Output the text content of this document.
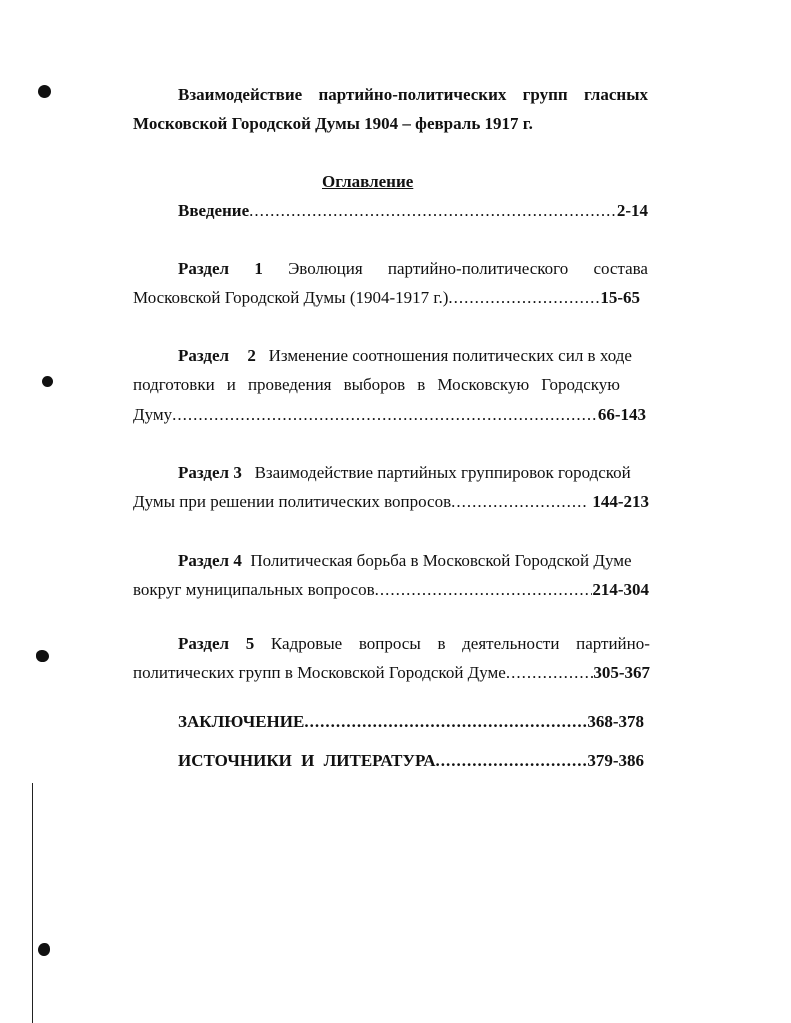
Взаимодействие партийно-политических групп гласных
Московской Городской Думы 1904 – февраль 1917 г.
Оглавление
Введение .....	2-14
Раздел 1 Эволюция партийно-политического состава
Московской Городской Думы (1904-1917 г.) .....	15-65
Раздел 2 Изменение соотношения политических сил в ходе
подготовки и проведения выборов в Московскую Городскую
Думу .....	66-143
Раздел 3 Взаимодействие партийных группировок городской
Думы при решении политических вопросов .....	144-213
Раздел 4 Политическая борьба в Московской Городской Думе
вокруг муниципальных вопросов .....	214-304
Раздел 5 Кадровые вопросы в деятельности партийно-
политических групп в Московской Городской Думе .....	305-367
ЗАКЛЮЧЕНИЕ .....	368-378
ИСТОЧНИКИ И ЛИТЕРАТУРА .....	379-386
